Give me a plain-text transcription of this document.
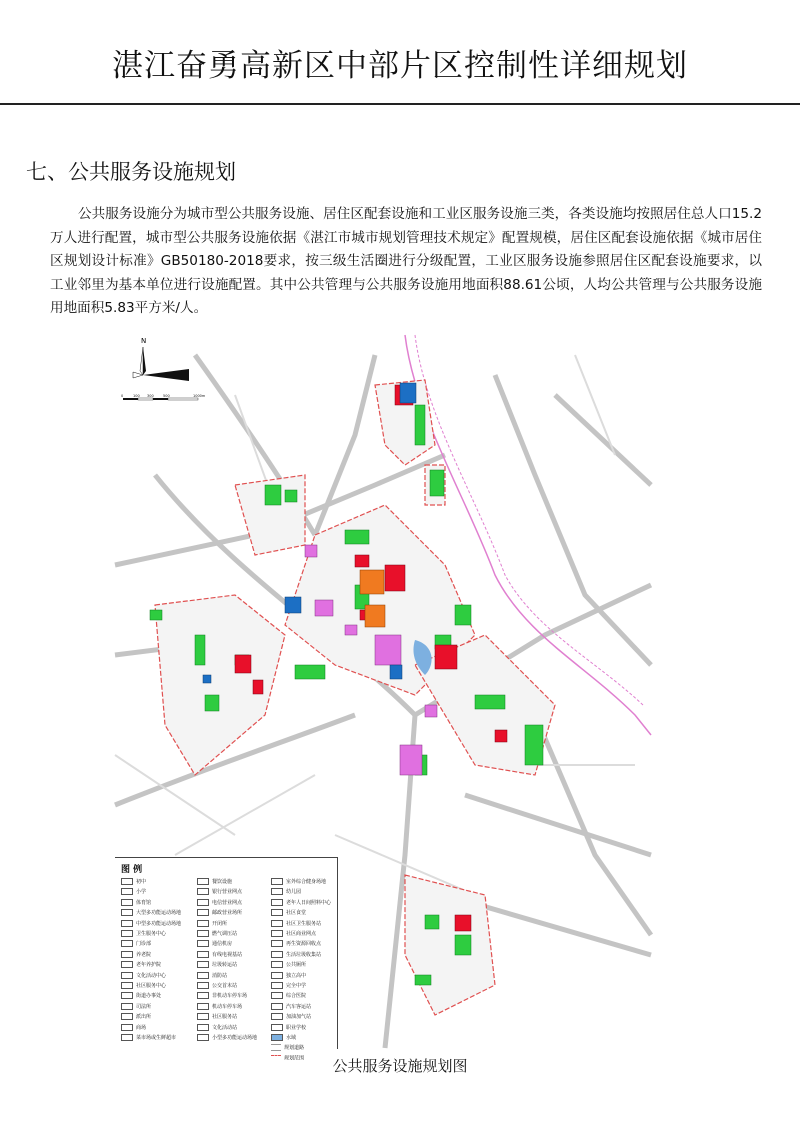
湛江奋勇高新区中部片区控制性详细规划
七、公共服务设施规划
公共服务设施分为城市型公共服务设施、居住区配套设施和工业区服务设施三类，各类设施均按照居住总人口15.2万人进行配置，城市型公共服务设施依据《湛江市城市规划管理技术规定》配置规模，居住区配套设施依据《城市居住区规划设计标准》GB50180-2018要求，按三级生活圈进行分级配置，工业区服务设施参照居住区配套设施要求，以工业邻里为基本单位进行设施配置。其中公共管理与公共服务设施用地面积88.61公顷，人均公共管理与公共服务设施用地面积5.83平方米/人。
N
0	100 300	500	1000m
图 例
初中
小学
体育馆
大型多功能运动场地
中型多功能运动场地
卫生服务中心
门诊部
养老院
老年养护院
文化活动中心
社区服务中心
街道办事处
司法所
派出所
商场
菜市场或生鲜超市
餐饮设施
银行营业网点
电信营业网点
邮政营业场所
开闭所
燃气调压站
通信机房
有线电视基站
垃圾转运站
消防站
公交首末站
非机动车停车场
机动车停车场
社区服务站
文化活动站
小型多功能运动场地
室外综合健身场地
幼儿园
老年人日间照料中心
社区食堂
社区卫生服务站
社区商业网点
再生资源回收点
生活垃圾收集站
公共厕所
独立高中
完全中学
综合医院
汽车客运站
加油加气站
职业学校
水域
规划道路
规划范围	公共服务设施规划图
